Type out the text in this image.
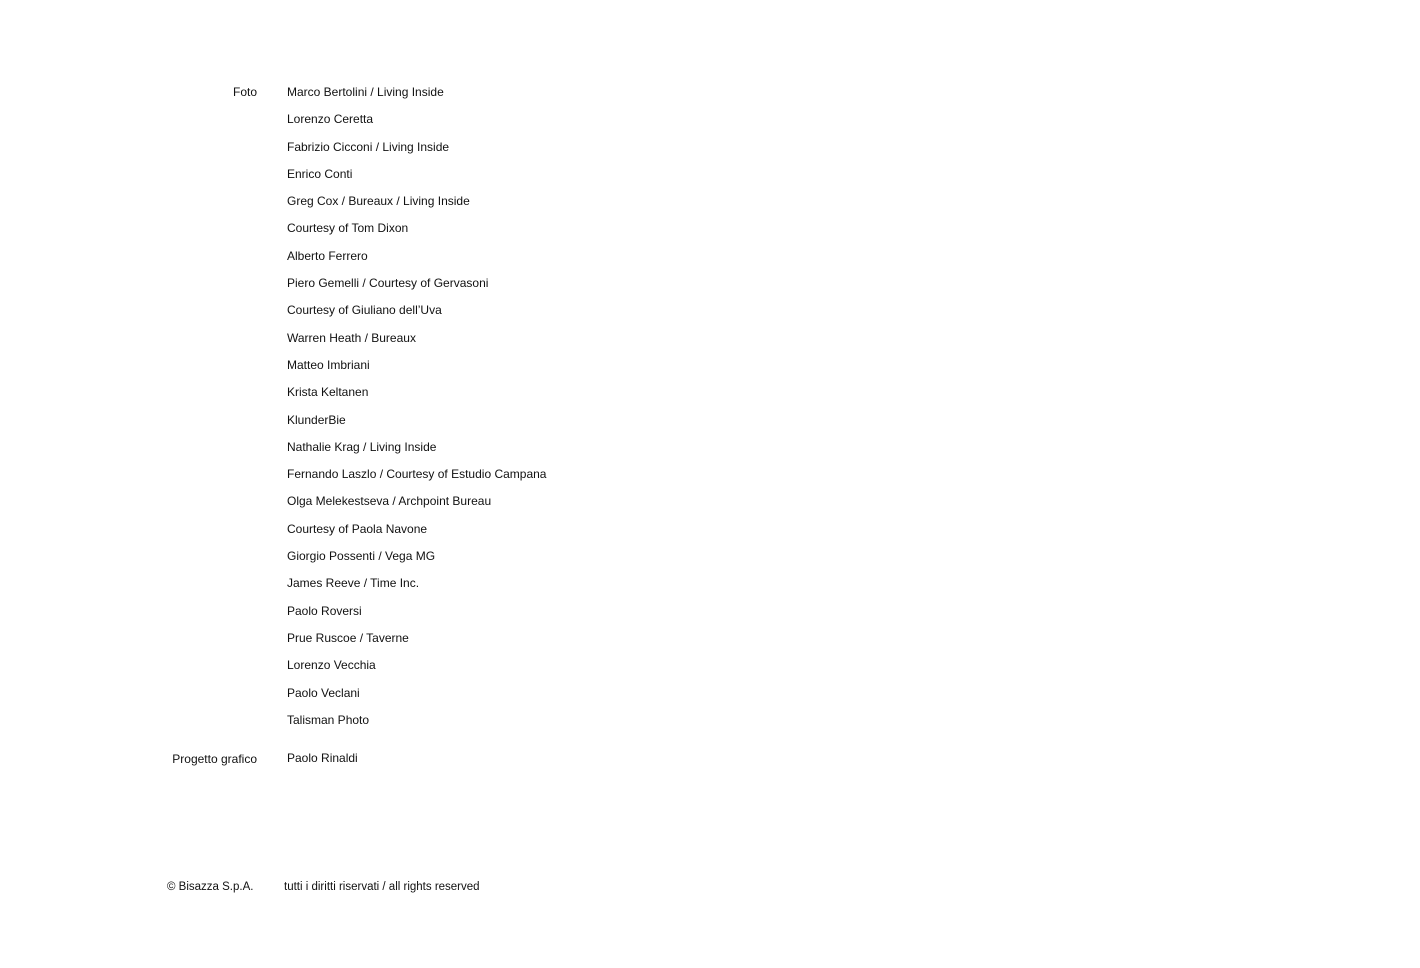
Foto	Marco Bertolini / Living Inside
Lorenzo Ceretta
Fabrizio Cicconi / Living Inside
Enrico Conti
Greg Cox / Bureaux / Living Inside
Courtesy of Tom Dixon
Alberto Ferrero
Piero Gemelli / Courtesy of Gervasoni
Courtesy of Giuliano dell’Uva
Warren Heath / Bureaux
Matteo Imbriani
Krista Keltanen
KlunderBie
Nathalie Krag / Living Inside
Fernando Laszlo / Courtesy of Estudio Campana
Olga Melekestseva / Archpoint Bureau
Courtesy of Paola Navone
Giorgio Possenti / Vega MG
James Reeve / Time Inc.
Paolo Roversi
Prue Ruscoe / Taverne
Lorenzo Vecchia
Paolo Veclani
Talisman Photo
Progetto grafico	Paolo Rinaldi
© Bisazza S.p.A.	tutti i diritti riservati / all rights reserved
